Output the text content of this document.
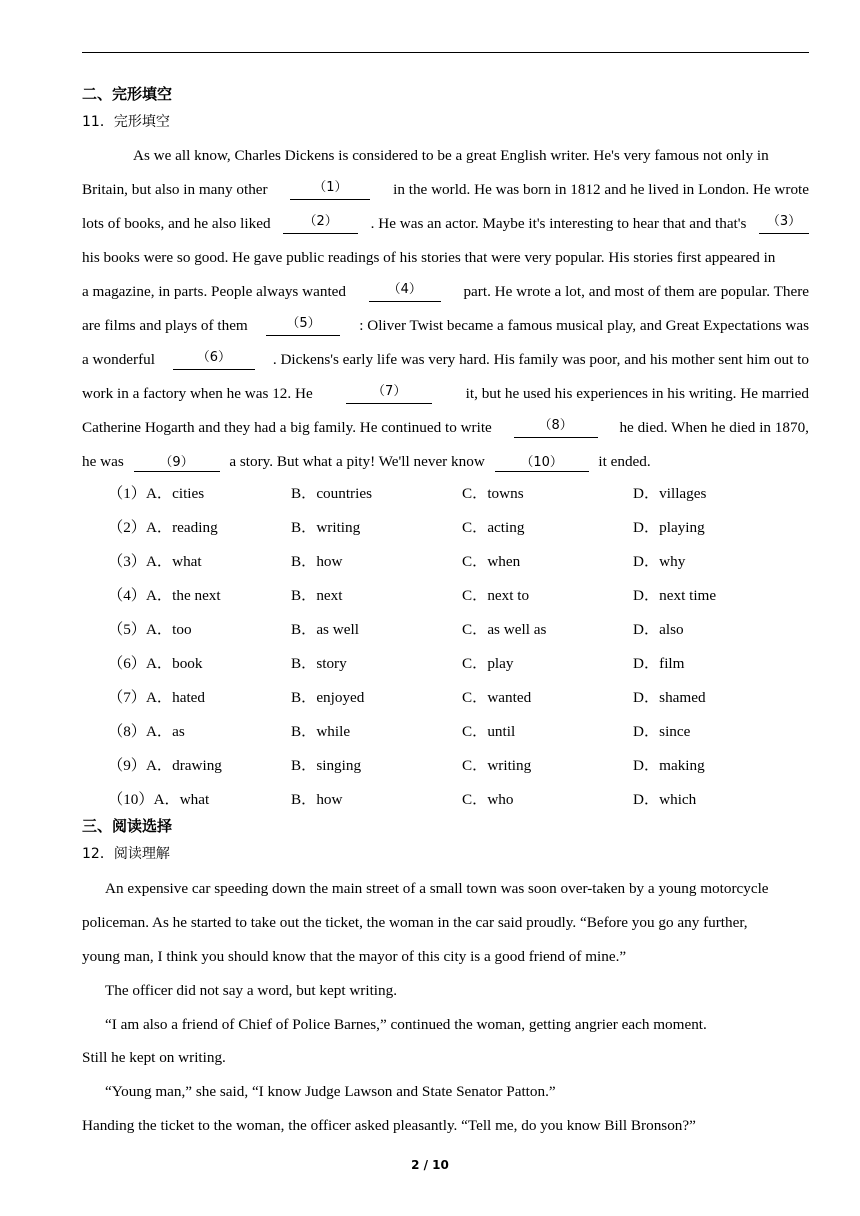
二、完形填空
11．完形填空
As we all know, Charles Dickens is considered to be a great English writer. He's very famous not only in
Britain, but also in many other	（1）	in the world. He was born in 1812 and he lived in London. He wrote
lots of books, and he also liked	（2）	. He was an actor. Maybe it's interesting to hear that and that's	（3）
his books were so good. He gave public readings of his stories that were very popular. His stories first appeared in
a magazine, in parts. People always wanted	（4）	part. He wrote a lot, and most of them are popular. There
are films and plays of them	（5）	: Oliver Twist became a famous musical play, and Great Expectations was
a wonderful	（6）	. Dickens's early life was very hard. His family was poor, and his mother sent him out to
work in a factory when he was 12. He	（7）	it, but he used his experiences in his writing. He married
Catherine Hogarth and they had a big family. He continued to write	（8）	he died. When he died in 1870,
he was	（9） a story. But what a pity! We'll never know	（10） it ended.
（1）A．cities	B．countries	C．towns	D．villages
（2）A．reading	B．writing	C．acting	D．playing
（3）A．what	B．how	C．when	D．why
（4）A．the next	B．next	C．next to	D．next time
（5）A．too	B．as well	C．as well as	D．also
（6）A．book	B．story	C．play	D．film
（7）A．hated	B．enjoyed	C．wanted	D．shamed
（8）A．as	B．while	C．until	D．since
（9）A．drawing	B．singing	C．writing	D．making
（10）A．what	B．how	C．who	D．which
三、阅读选择
12．阅读理解
An expensive car speeding down the main street of a small town was soon over-taken by a young motorcycle
policeman. As he started to take out the ticket, the woman in the car said proudly. “Before you go any further,
young man, I think you should know that the mayor of this city is a good friend of mine.”
The officer did not say a word, but kept writing.
“I am also a friend of Chief of Police Barnes,” continued the woman, getting angrier each moment.
Still he kept on writing.
“Young man,” she said, “I know Judge Lawson and State Senator Patton.”
Handing the ticket to the woman, the officer asked pleasantly. “Tell me, do you know Bill Bronson?”
2 / 10
